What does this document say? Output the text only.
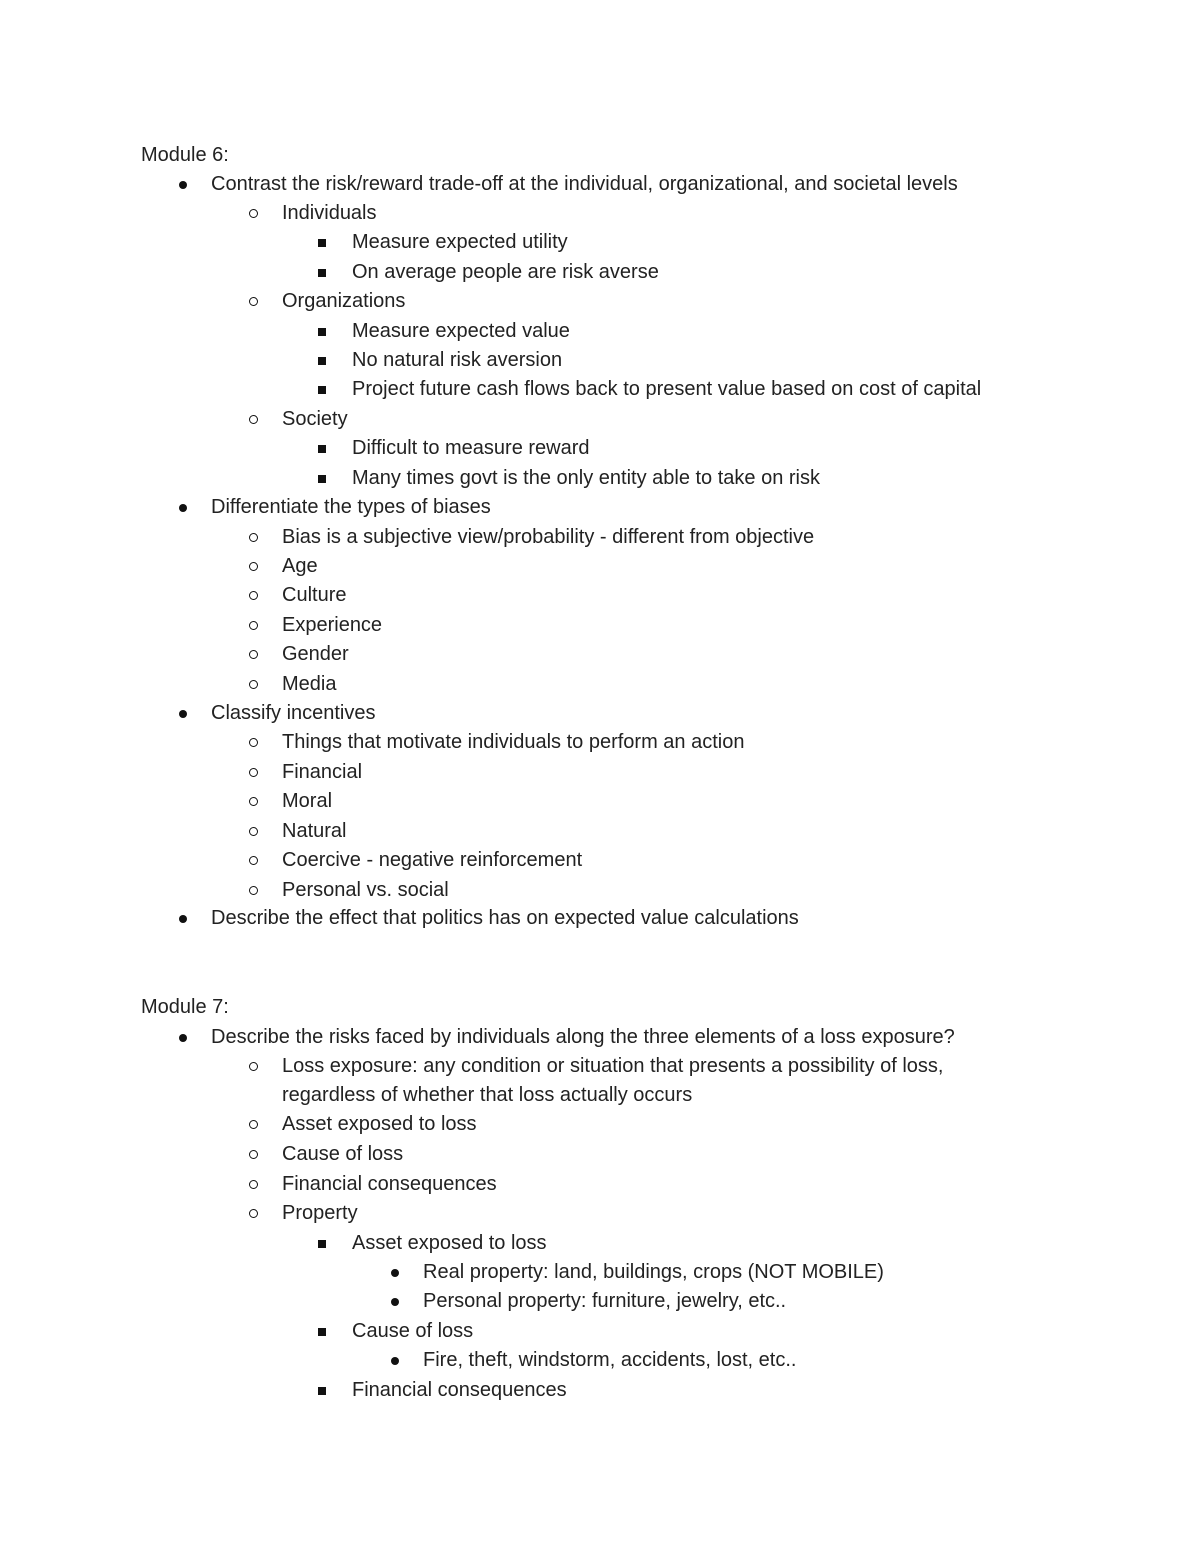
Module 6:
Contrast the risk/reward trade-off at the individual, organizational, and societal levels
Individuals
Measure expected utility
On average people are risk averse
Organizations
Measure expected value
No natural risk aversion
Project future cash flows back to present value based on cost of capital
Society
Difficult to measure reward
Many times govt is the only entity able to take on risk
Differentiate the types of biases
Bias is a subjective view/probability - different from objective
Age
Culture
Experience
Gender
Media
Classify incentives
Things that motivate individuals to perform an action
Financial
Moral
Natural
Coercive - negative reinforcement
Personal vs. social
Describe the effect that politics has on expected value calculations
Module 7:
Describe the risks faced by individuals along the three elements of a loss exposure?
Loss exposure: any condition or situation that presents a possibility of loss,
regardless of whether that loss actually occurs
Asset exposed to loss
Cause of loss
Financial consequences
Property
Asset exposed to loss
Real property: land, buildings, crops (NOT MOBILE)
Personal property: furniture, jewelry, etc..
Cause of loss
Fire, theft, windstorm, accidents, lost, etc..
Financial consequences
